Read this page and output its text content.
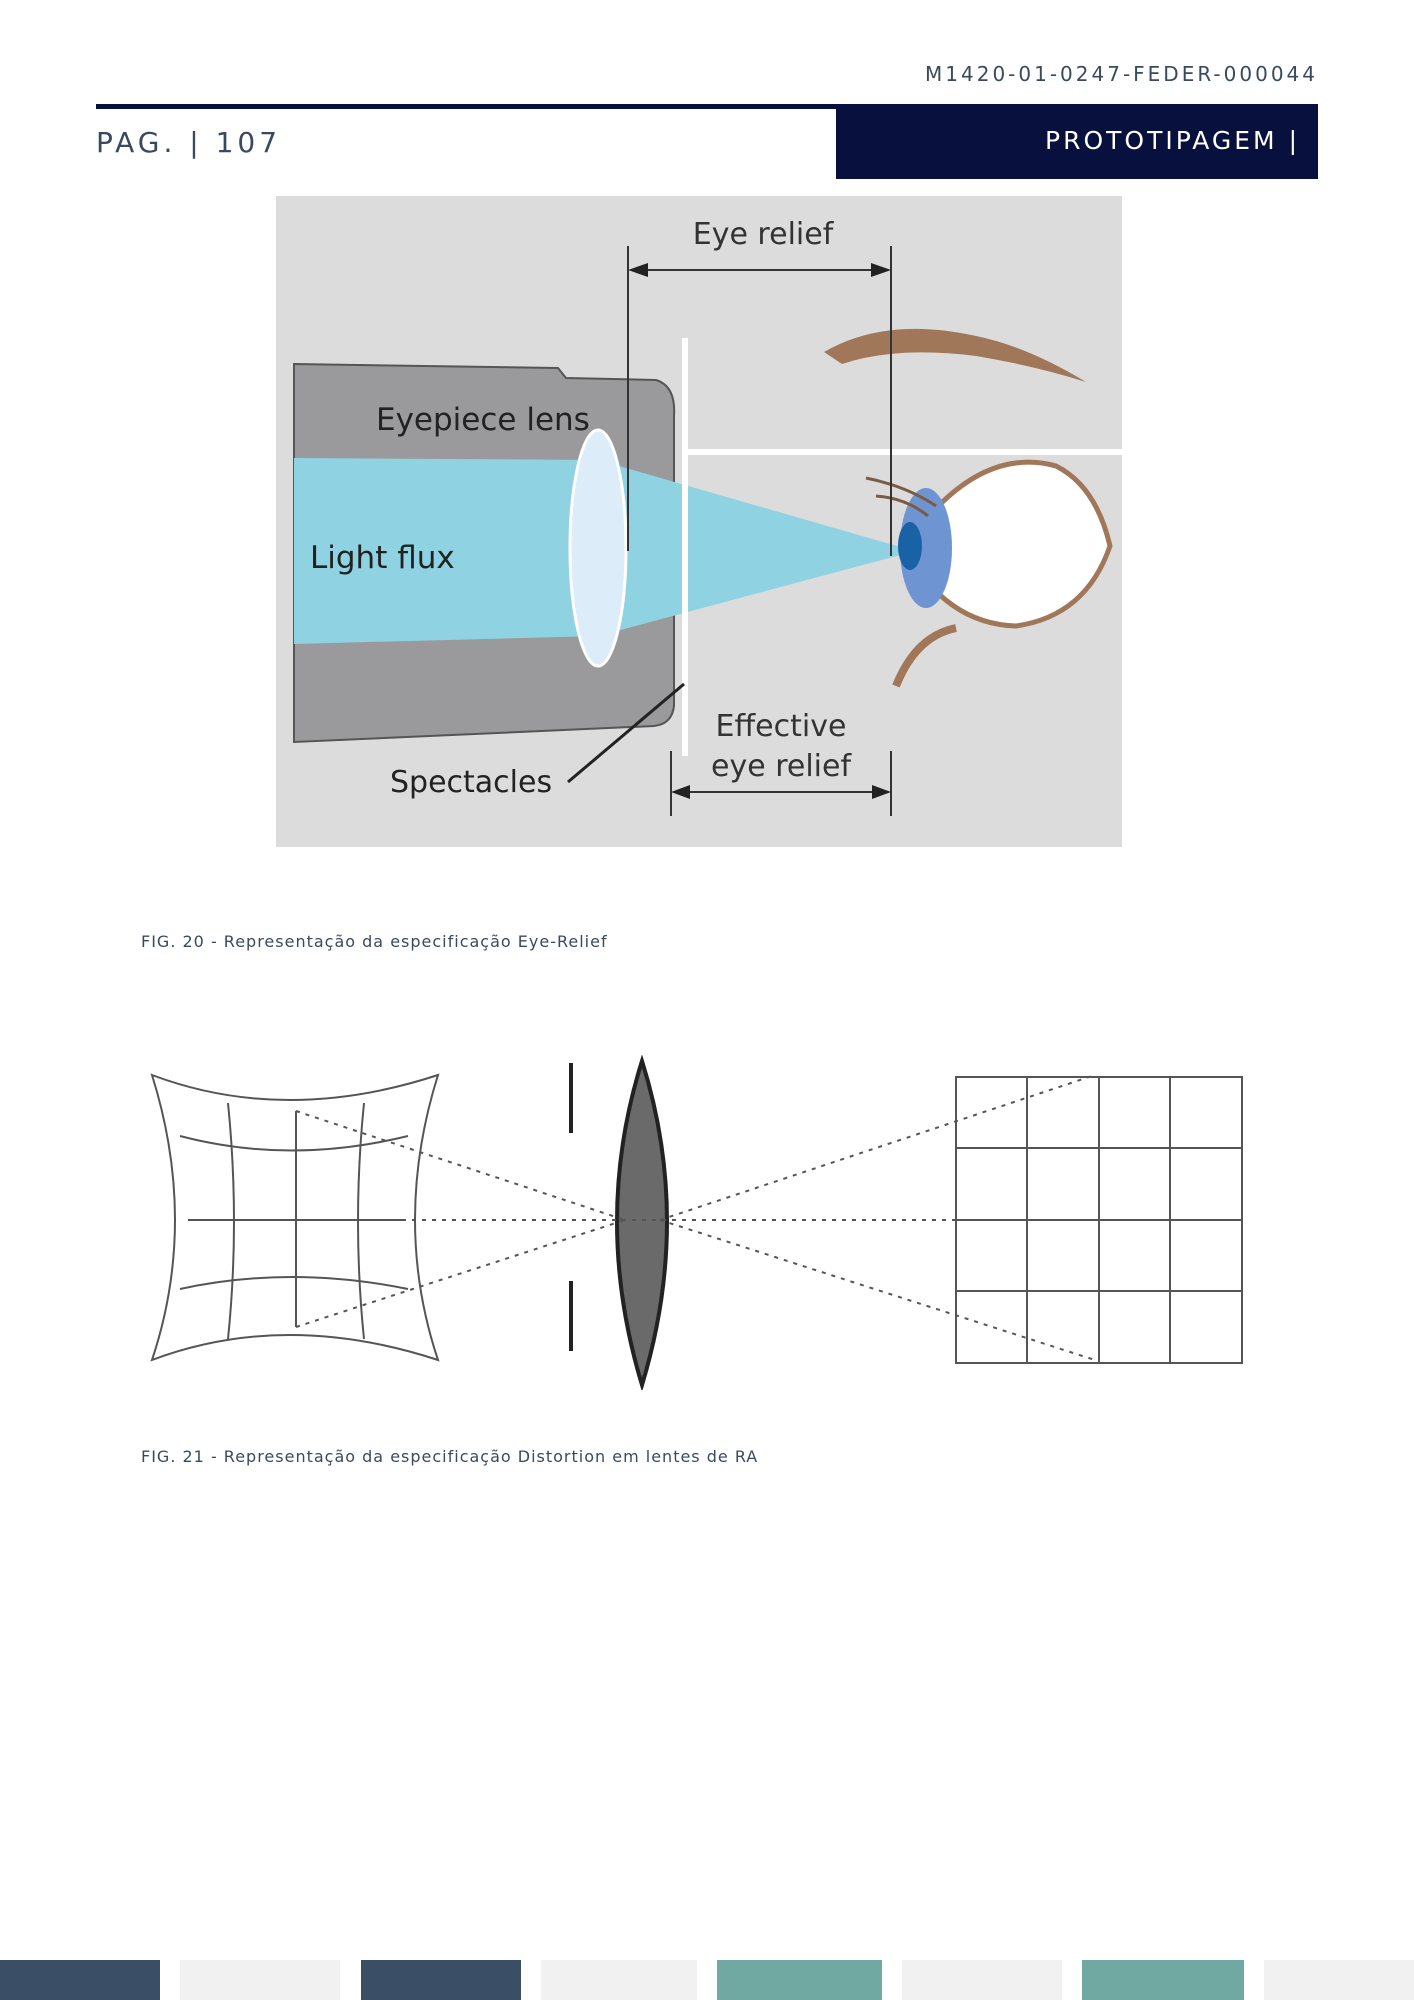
M1420-01-0247-FEDER-000044
PAG. | 107	PROTOTIPAGEM |
Eye relief
Eyepiece lens
Light flux
Spectacles
Effective
eye relief
FIG. 20 - Representação da especificação Eye-Relief
FIG. 21 - Representação da especificação Distortion em lentes de RA
